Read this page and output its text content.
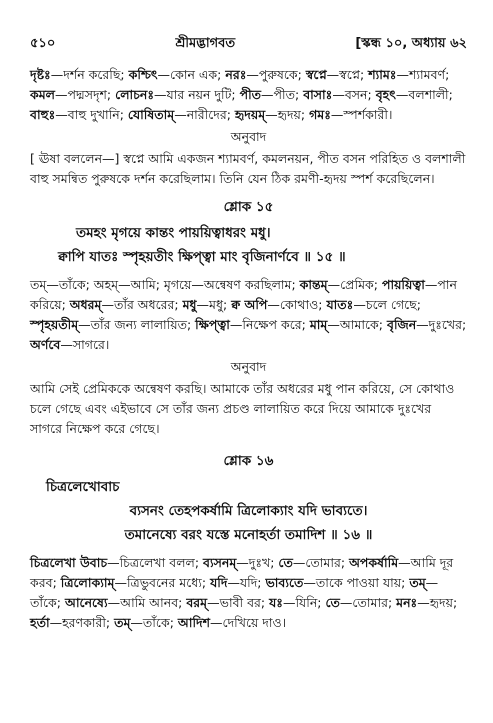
৫১০	শ্রীমদ্ভাগবত	[স্কন্ধ ১০, অধ্যায় ৬২

দৃষ্টঃ—দর্শন করেছি; কশ্চিৎ—কোন এক; নরঃ—পুরুষকে; স্বপ্নে—স্বপ্নে; শ্যামঃ—শ্যামবর্ণ; কমল—পদ্মসদৃশ; লোচনঃ—যার নয়ন দুটি; পীত—পীত; বাসাঃ—বসন; বৃহৎ—বলশালী; বাহুঃ—বাহু দুখানি; যোষিতাম্—নারীদের; হৃদয়ম্—হৃদয়; গমঃ—স্পর্শকারী।

অনুবাদ

[ ঊষা বললেন—] স্বপ্নে আমি একজন শ্যামবর্ণ, কমলনয়ন, পীত বসন পরিহিত ও বলশালী বাহু সমন্বিত পুরুষকে দর্শন করেছিলাম। তিনি যেন ঠিক রমণী-হৃদয় স্পর্শ করেছিলেন।

শ্লোক ১৫

তমহং মৃগয়ে কান্তং পায়য়িত্বাধরং মধু।

ক্বাপি যাতঃ স্পৃহয়তীং ক্ষিপ্ত্বা মাং বৃজিনার্ণবে ॥ ১৫ ॥

তম্—তাঁকে; অহম্—আমি; মৃগয়ে—অন্বেষণ করছিলাম; কান্তম্—প্রেমিক; পায়য়িত্বা—পান করিয়ে; অধরম্—তাঁর অধরের; মধু—মধু; ক্ব অপি—কোথাও; যাতঃ—চলে গেছে; স্পৃহয়তীম্—তাঁর জন্য লালায়িত; ক্ষিপ্ত্বা—নিক্ষেপ করে; মাম্—আমাকে; বৃজিন—দুঃখের; অর্ণবে—সাগরে।

অনুবাদ

আমি সেই প্রেমিককে অন্বেষণ করছি। আমাকে তাঁর অধরের মধু পান করিয়ে, সে কোথাও চলে গেছে এবং এইভাবে সে তাঁর জন্য প্রচণ্ড লালায়িত করে দিয়ে আমাকে দুঃখের সাগরে নিক্ষেপ করে গেছে।

শ্লোক ১৬

চিত্রলেখোবাচ

ব্যসনং তেহপকর্ষামি ত্রিলোক্যাং যদি ভাব্যতে।

তমানেষ্যে বরং যস্তে মনোহর্তা তমাদিশ ॥ ১৬ ॥

চিত্রলেখা উবাচ—চিত্রলেখা বলল; ব্যসনম্—দুঃখ; তে—তোমার; অপকর্ষামি—আমি দূর করব; ত্রিলোক্যাম্—ত্রিভুবনের মধ্যে; যদি—যদি; ভাব্যতে—তাকে পাওয়া যায়; তম্—তাঁকে; আনেষ্যে—আমি আনব; বরম্—ভাবী বর; যঃ—যিনি; তে—তোমার; মনঃ—হৃদয়; হর্তা—হরণকারী; তম্—তাঁকে; আদিশ—দেখিয়ে দাও।
